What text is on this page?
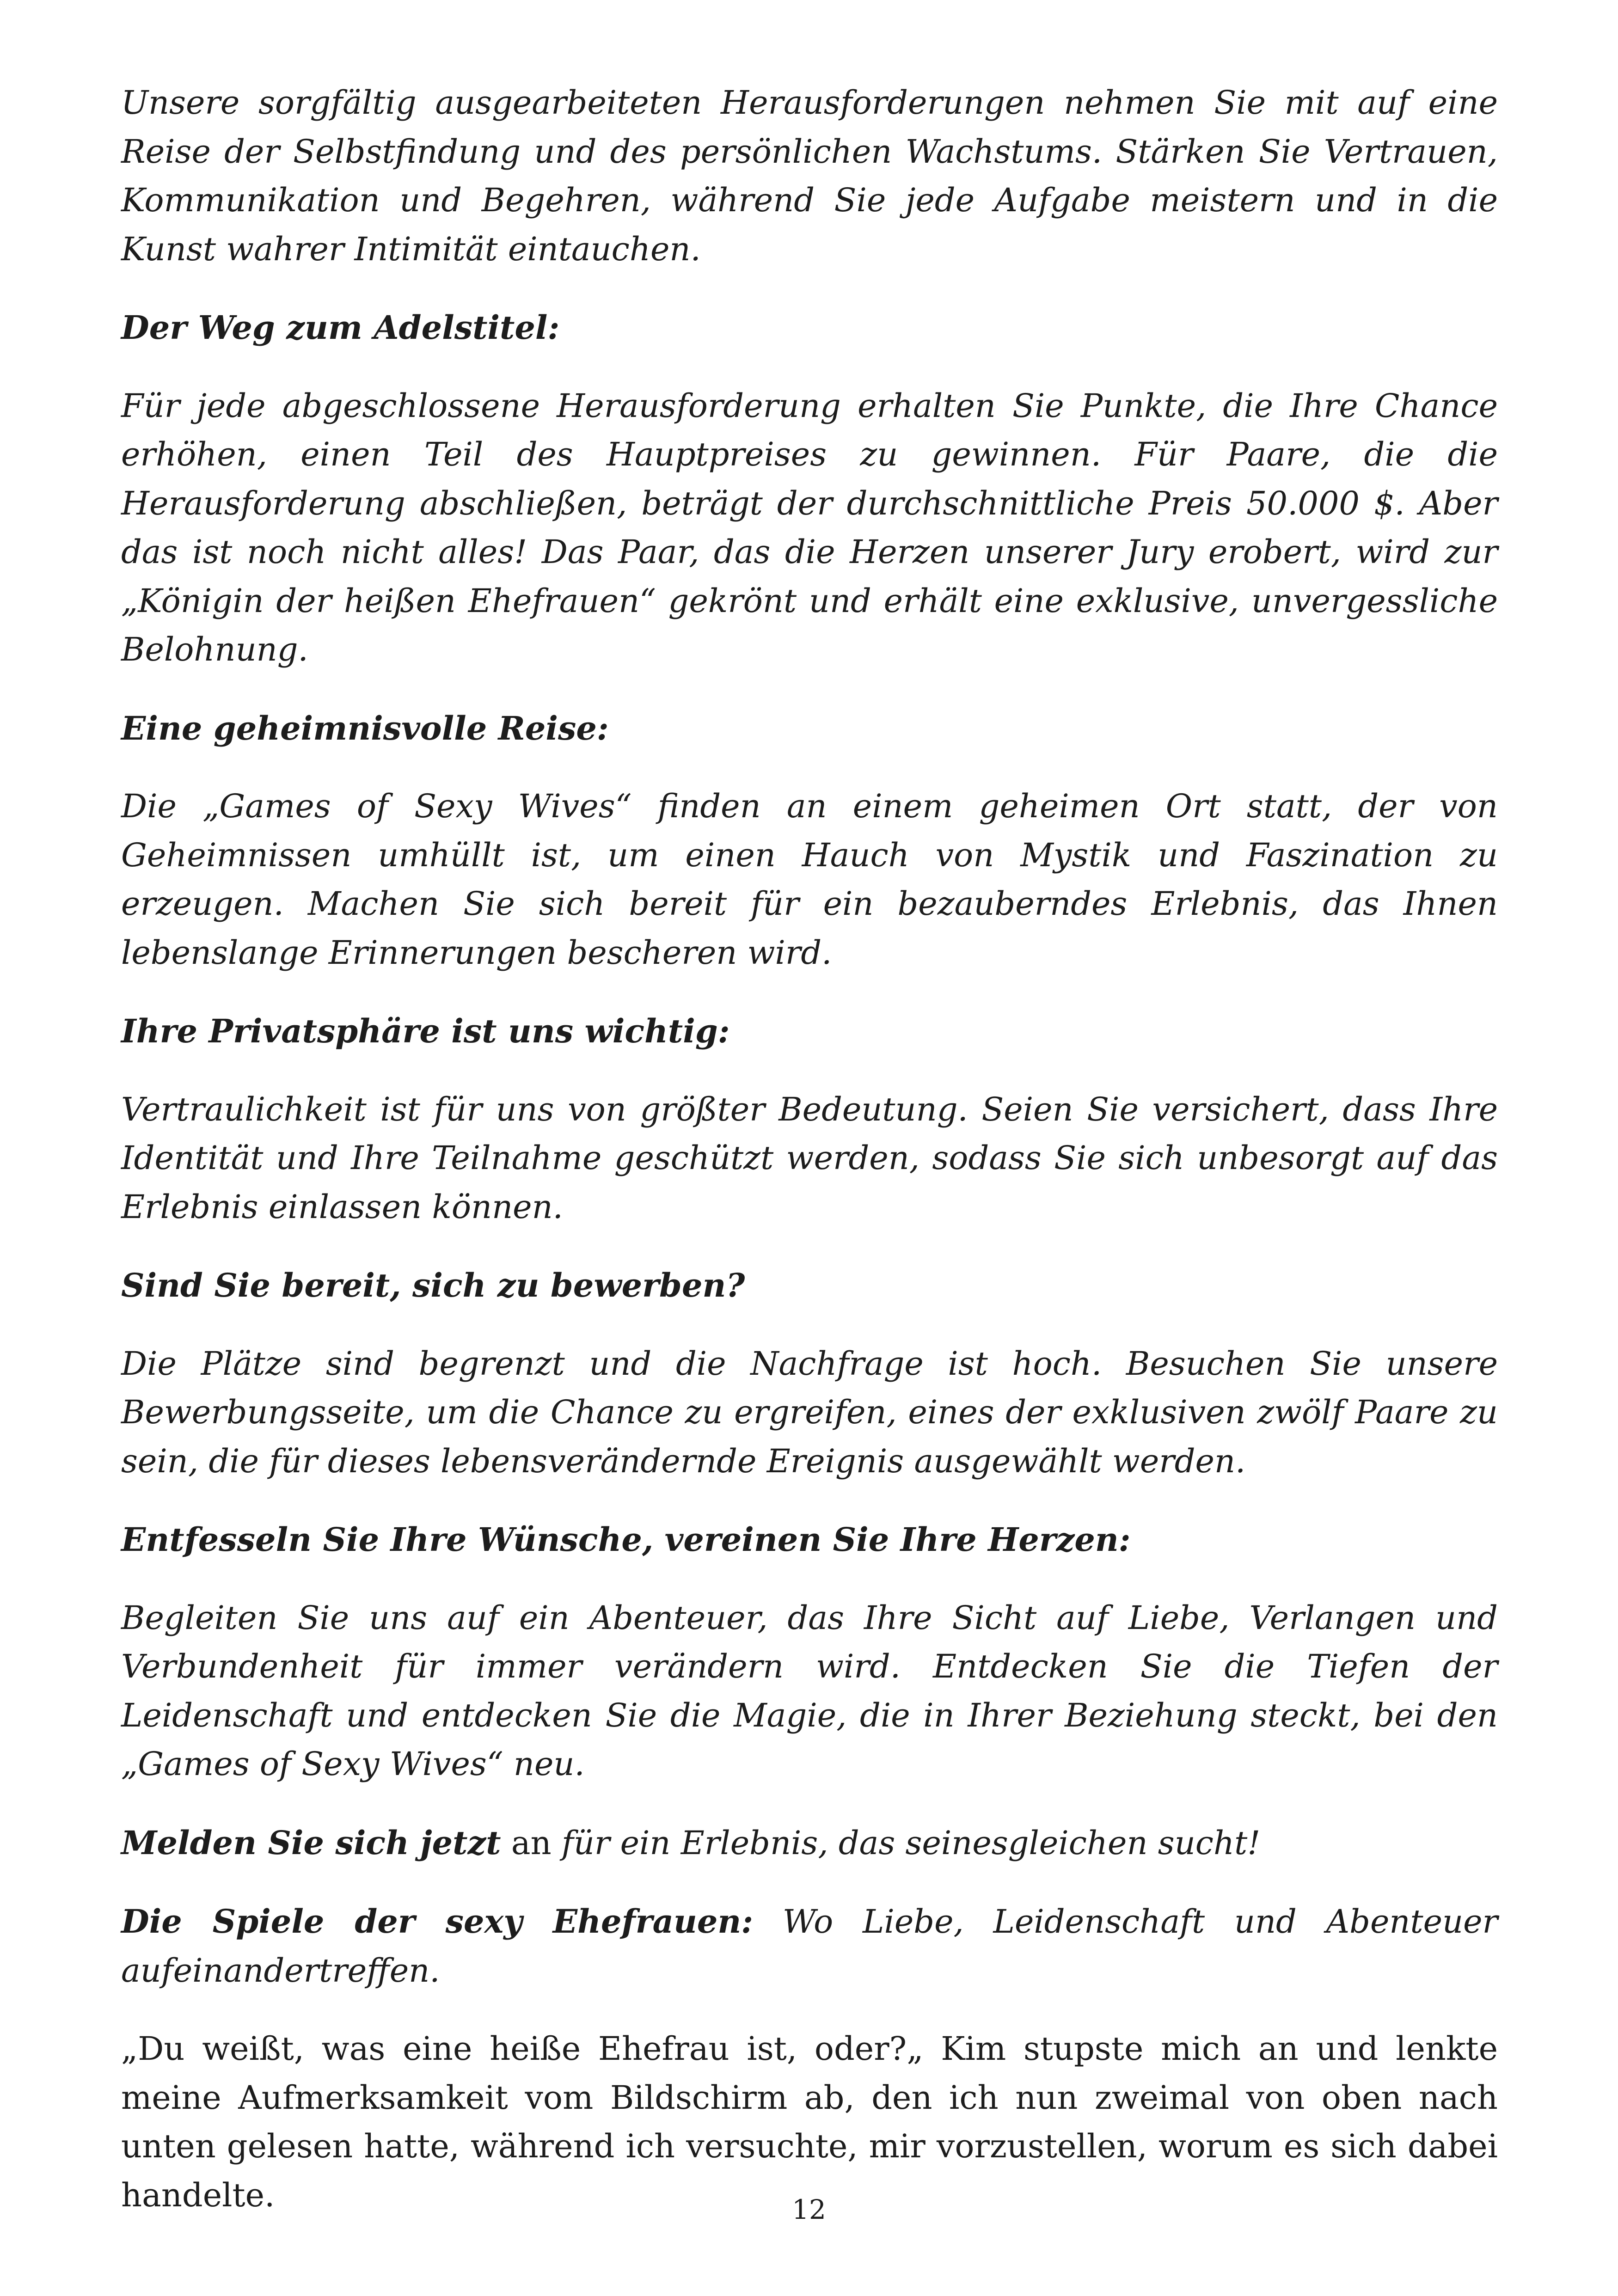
Unsere sorgfältig ausgearbeiteten Herausforderungen nehmen Sie mit auf eine Reise der Selbstfindung und des persönlichen Wachstums. Stärken Sie Vertrauen, Kommunikation und Begehren, während Sie jede Aufgabe meistern und in die Kunst wahrer Intimität eintauchen.

Der Weg zum Adelstitel:

Für jede abgeschlossene Herausforderung erhalten Sie Punkte, die Ihre Chance erhöhen, einen Teil des Hauptpreises zu gewinnen. Für Paare, die die Herausforderung abschließen, beträgt der durchschnittliche Preis 50.000 $. Aber das ist noch nicht alles! Das Paar, das die Herzen unserer Jury erobert, wird zur „Königin der heißen Ehefrauen“ gekrönt und erhält eine exklusive, unvergessliche Belohnung.

Eine geheimnisvolle Reise:

Die „Games of Sexy Wives“ finden an einem geheimen Ort statt, der von Geheimnissen umhüllt ist, um einen Hauch von Mystik und Faszination zu erzeugen. Machen Sie sich bereit für ein bezauberndes Erlebnis, das Ihnen lebenslange Erinnerungen bescheren wird.

Ihre Privatsphäre ist uns wichtig:

Vertraulichkeit ist für uns von größter Bedeutung. Seien Sie versichert, dass Ihre Identität und Ihre Teilnahme geschützt werden, sodass Sie sich unbesorgt auf das Erlebnis einlassen können.

Sind Sie bereit, sich zu bewerben?

Die Plätze sind begrenzt und die Nachfrage ist hoch. Besuchen Sie unsere Bewerbungsseite, um die Chance zu ergreifen, eines der exklusiven zwölf Paare zu sein, die für dieses lebensverändernde Ereignis ausgewählt werden.

Entfesseln Sie Ihre Wünsche, vereinen Sie Ihre Herzen:

Begleiten Sie uns auf ein Abenteuer, das Ihre Sicht auf Liebe, Verlangen und Verbundenheit für immer verändern wird. Entdecken Sie die Tiefen der Leidenschaft und entdecken Sie die Magie, die in Ihrer Beziehung steckt, bei den „Games of Sexy Wives“ neu.

Melden Sie sich jetzt an für ein Erlebnis, das seinesgleichen sucht!

Die Spiele der sexy Ehefrauen: Wo Liebe, Leidenschaft und Abenteuer aufeinandertreffen.

„Du weißt, was eine heiße Ehefrau ist, oder?„ Kim stupste mich an und lenkte meine Aufmerksamkeit vom Bildschirm ab, den ich nun zweimal von oben nach unten gelesen hatte, während ich versuchte, mir vorzustellen, worum es sich dabei handelte.	12
